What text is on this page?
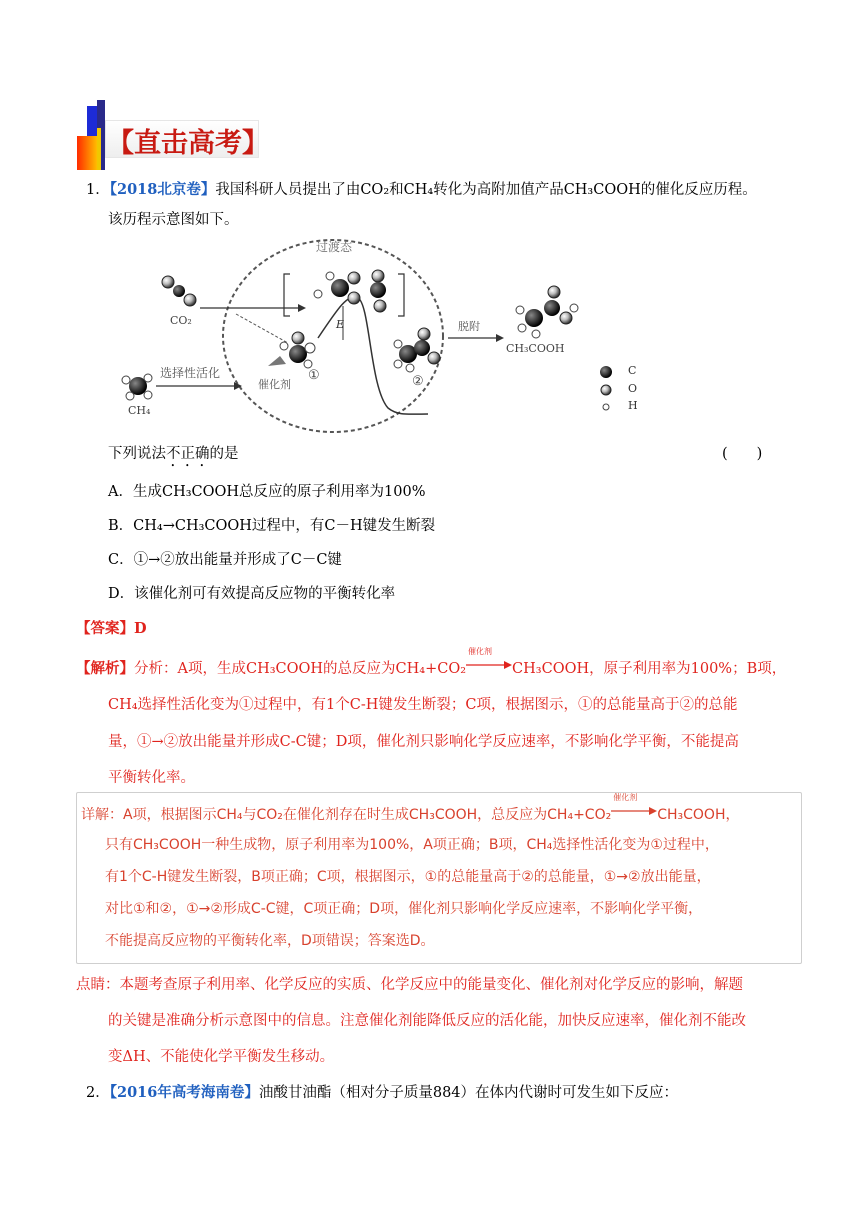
【直击高考】
1．【2018北京卷】我国科研人员提出了由CO₂和CH₄转化为高附加值产品CH₃COOH的催化反应历程。
该历程示意图如下。
过渡态
CO₂
CH₄
选择性活化
催化剂
①	②
E	脱附
CH₃COOH
C
O
H
下列说法不正确的是	(　　)
A．生成CH₃COOH总反应的原子利用率为100%
B．CH₄→CH₃COOH过程中，有C－H键发生断裂
C．①→②放出能量并形成了C－C键
D．该催化剂可有效提高反应物的平衡转化率
【答案】D
【解析】分析：A项，生成CH₃COOH的总反应为CH₄+CO₂
催化剂
CH₃COOH，原子利用率为100%；B项，
CH₄选择性活化变为①过程中，有1个C-H键发生断裂；C项，根据图示，①的总能量高于②的总能
量，①→②放出能量并形成C-C键；D项，催化剂只影响化学反应速率，不影响化学平衡，不能提高
平衡转化率。
详解：A项，根据图示CH₄与CO₂在催化剂存在时生成CH₃COOH，总反应为CH₄+CO₂
催化剂
CH₃COOH，
只有CH₃COOH一种生成物，原子利用率为100%，A项正确；B项，CH₄选择性活化变为①过程中，
有1个C-H键发生断裂，B项正确；C项，根据图示，①的总能量高于②的总能量，①→②放出能量，
对比①和②，①→②形成C-C键，C项正确；D项，催化剂只影响化学反应速率，不影响化学平衡，
不能提高反应物的平衡转化率，D项错误；答案选D。
点睛：本题考查原子利用率、化学反应的实质、化学反应中的能量变化、催化剂对化学反应的影响，解题
的关键是准确分析示意图中的信息。注意催化剂能降低反应的活化能，加快反应速率，催化剂不能改
变ΔH、不能使化学平衡发生移动。
2．【2016年高考海南卷】油酸甘油酯（相对分子质量884）在体内代谢时可发生如下反应：
